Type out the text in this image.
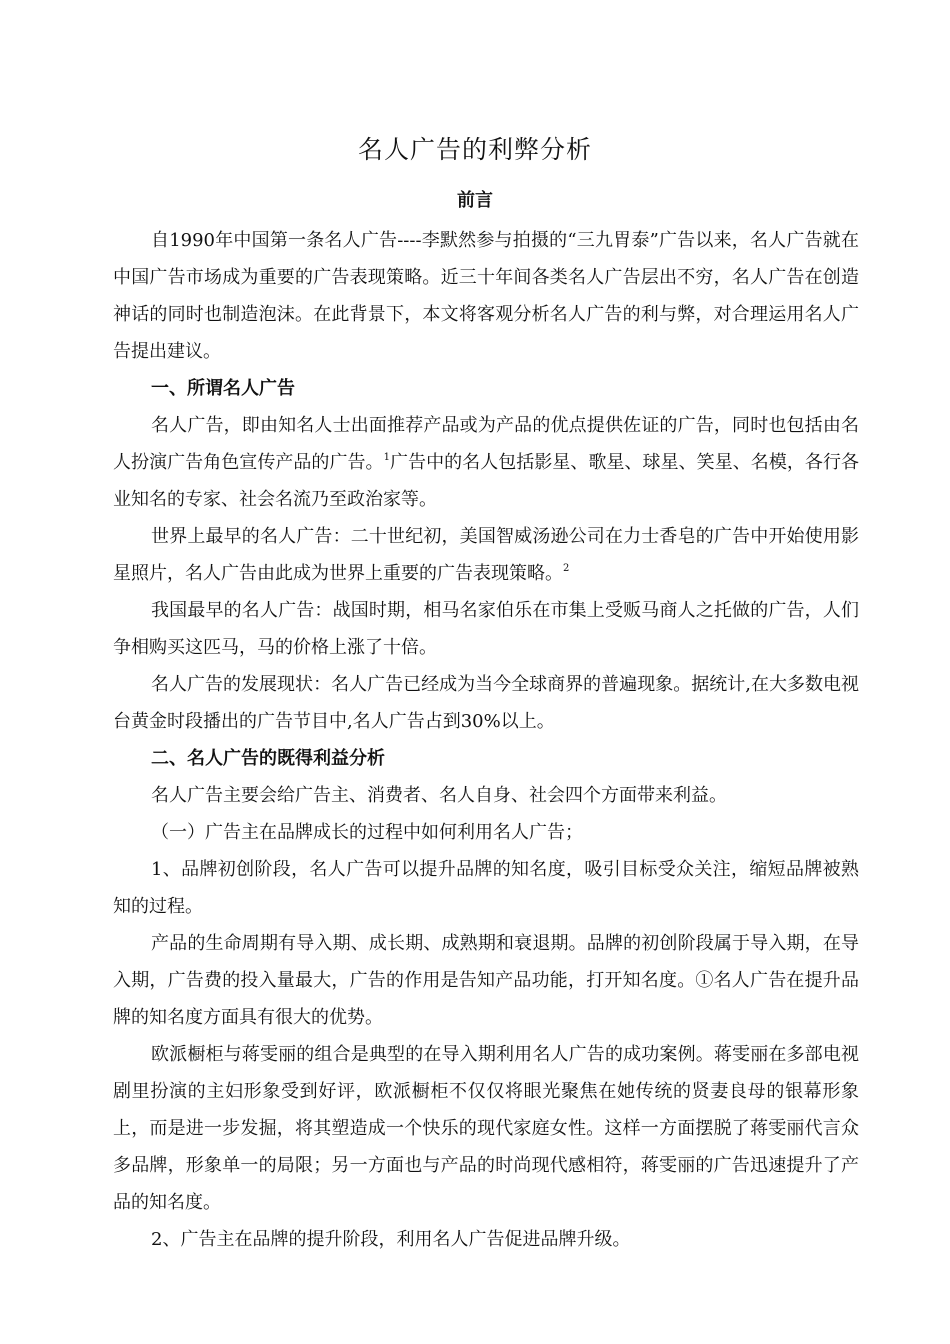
名人广告的利弊分析
前言

自1990年中国第一条名人广告----李默然参与拍摄的“三九胃泰”广告以来，名人广告就在中国广告市场成为重要的广告表现策略。近三十年间各类名人广告层出不穷，名人广告在创造神话的同时也制造泡沫。在此背景下，本文将客观分析名人广告的利与弊，对合理运用名人广告提出建议。

一、所谓名人广告

名人广告，即由知名人士出面推荐产品或为产品的优点提供佐证的广告，同时也包括由名人扮演广告角色宣传产品的广告。$^1$广告中的名人包括影星、歌星、球星、笑星、名模，各行各业知名的专家、社会名流乃至政治家等。

世界上最早的名人广告：二十世纪初，美国智威汤逊公司在力士香皂的广告中开始使用影星照片，名人广告由此成为世界上重要的广告表现策略。$^2$

我国最早的名人广告：战国时期，相马名家伯乐在市集上受贩马商人之托做的广告，人们争相购买这匹马，马的价格上涨了十倍。

名人广告的发展现状：名人广告已经成为当今全球商界的普遍现象。据统计,在大多数电视台黄金时段播出的广告节目中,名人广告占到30%以上。

二、名人广告的既得利益分析

名人广告主要会给广告主、消费者、名人自身、社会四个方面带来利益。

（一）广告主在品牌成长的过程中如何利用名人广告；

1、品牌初创阶段，名人广告可以提升品牌的知名度，吸引目标受众关注，缩短品牌被熟知的过程。

产品的生命周期有导入期、成长期、成熟期和衰退期。品牌的初创阶段属于导入期，在导入期，广告费的投入量最大，广告的作用是告知产品功能，打开知名度。①名人广告在提升品牌的知名度方面具有很大的优势。

欧派橱柜与蒋雯丽的组合是典型的在导入期利用名人广告的成功案例。蒋雯丽在多部电视剧里扮演的主妇形象受到好评，欧派橱柜不仅仅将眼光聚焦在她传统的贤妻良母的银幕形象上，而是进一步发掘，将其塑造成一个快乐的现代家庭女性。这样一方面摆脱了蒋雯丽代言众多品牌，形象单一的局限；另一方面也与产品的时尚现代感相符，蒋雯丽的广告迅速提升了产品的知名度。

2、广告主在品牌的提升阶段，利用名人广告促进品牌升级。
